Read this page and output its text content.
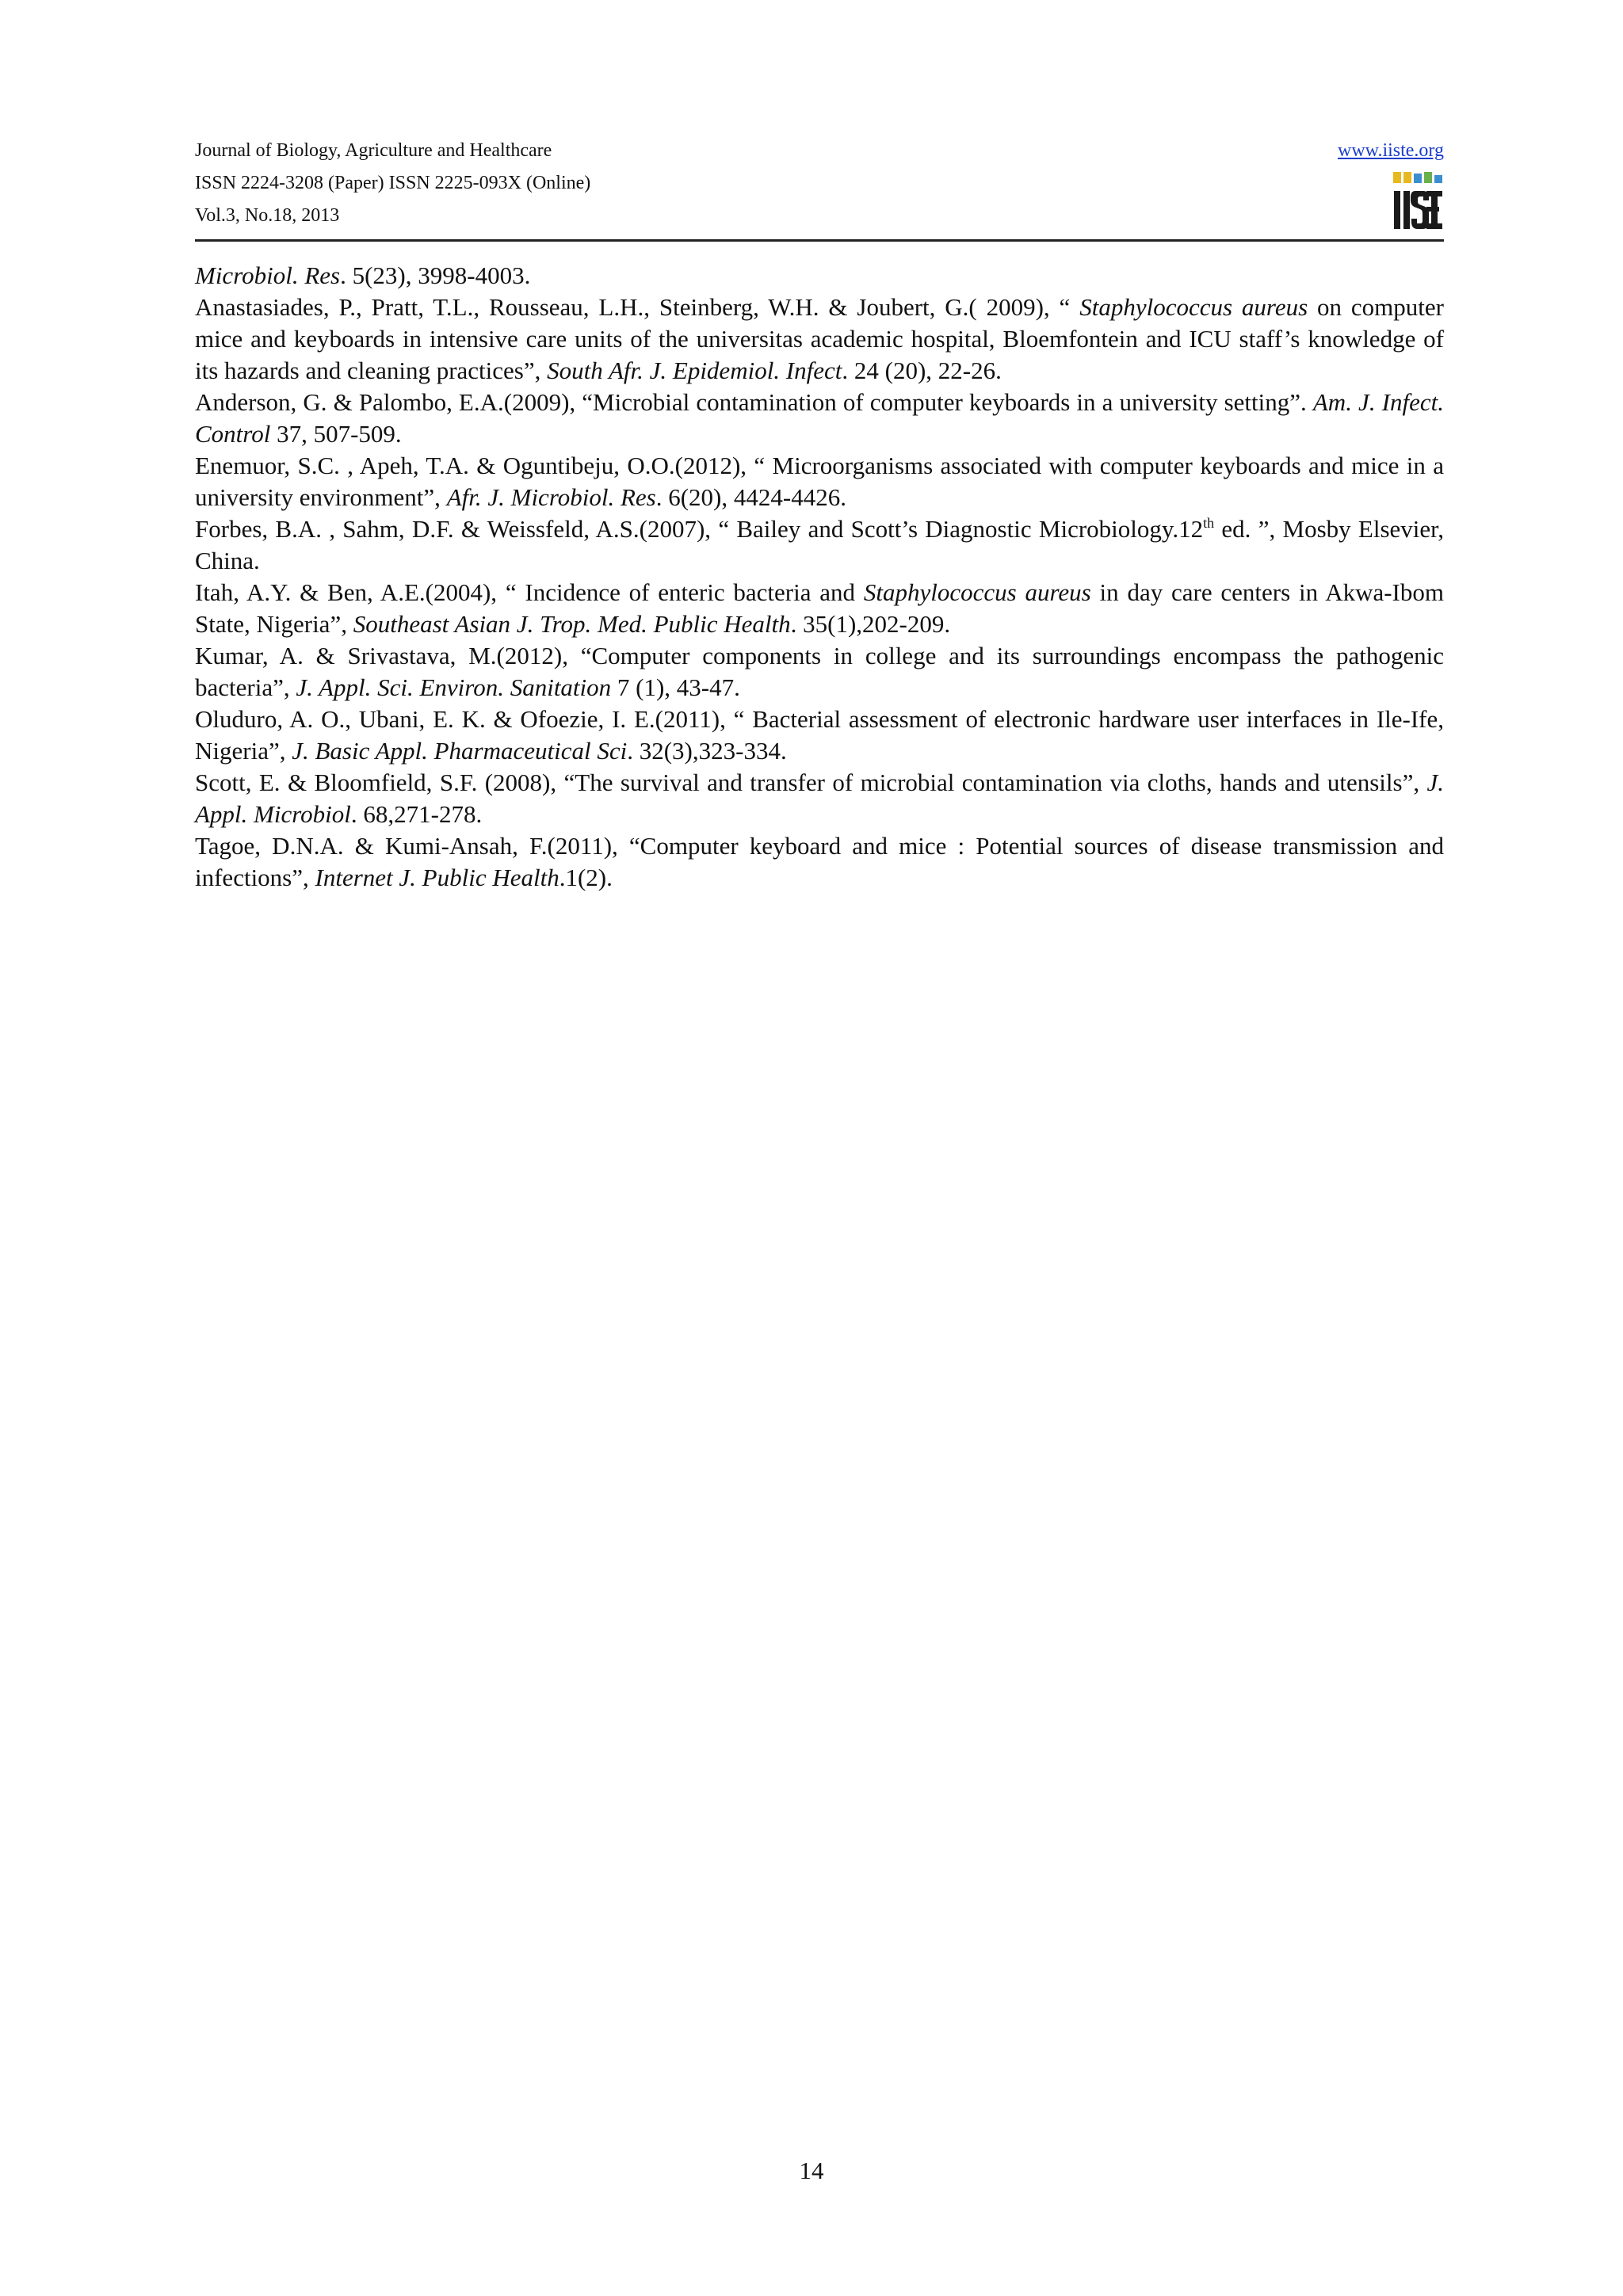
Journal of Biology, Agriculture and Healthcare
ISSN 2224-3208 (Paper) ISSN 2225-093X (Online)
Vol.3, No.18, 2013
www.iiste.org

Microbiol. Res. 5(23), 3998-4003.

Anastasiades, P., Pratt, T.L., Rousseau, L.H., Steinberg, W.H. & Joubert, G.( 2009), “ Staphylococcus aureus on computer mice and keyboards in intensive care units of the universitas academic hospital, Bloemfontein and ICU staff’s knowledge of its hazards and cleaning practices”, South Afr. J. Epidemiol. Infect. 24 (20), 22-26.

Anderson, G. & Palombo, E.A.(2009), “Microbial contamination of computer keyboards in a university setting”. Am. J. Infect. Control 37, 507-509.

Enemuor, S.C. , Apeh, T.A. & Oguntibeju, O.O.(2012), “ Microorganisms associated with computer keyboards and mice in a university environment”, Afr. J. Microbiol. Res. 6(20), 4424-4426.

Forbes, B.A. , Sahm, D.F. & Weissfeld, A.S.(2007), “ Bailey and Scott’s Diagnostic Microbiology.12th ed. ”, Mosby Elsevier, China.

Itah, A.Y. & Ben, A.E.(2004), “ Incidence of enteric bacteria and Staphylococcus aureus in day care centers in Akwa-Ibom State, Nigeria”, Southeast Asian J. Trop. Med. Public Health. 35(1),202-209.

Kumar, A. & Srivastava, M.(2012), “Computer components in college and its surroundings encompass the pathogenic bacteria”, J. Appl. Sci. Environ. Sanitation 7 (1), 43-47.

Oluduro, A. O., Ubani, E. K. & Ofoezie, I. E.(2011), “ Bacterial assessment of electronic hardware user interfaces in Ile-Ife, Nigeria”, J. Basic Appl. Pharmaceutical Sci. 32(3),323-334.

Scott, E. & Bloomfield, S.F. (2008), “The survival and transfer of microbial contamination via cloths, hands and utensils”, J. Appl. Microbiol. 68,271-278.

Tagoe, D.N.A. & Kumi-Ansah, F.(2011), “Computer keyboard and mice : Potential sources of disease transmission and infections”, Internet J. Public Health.1(2).

14
